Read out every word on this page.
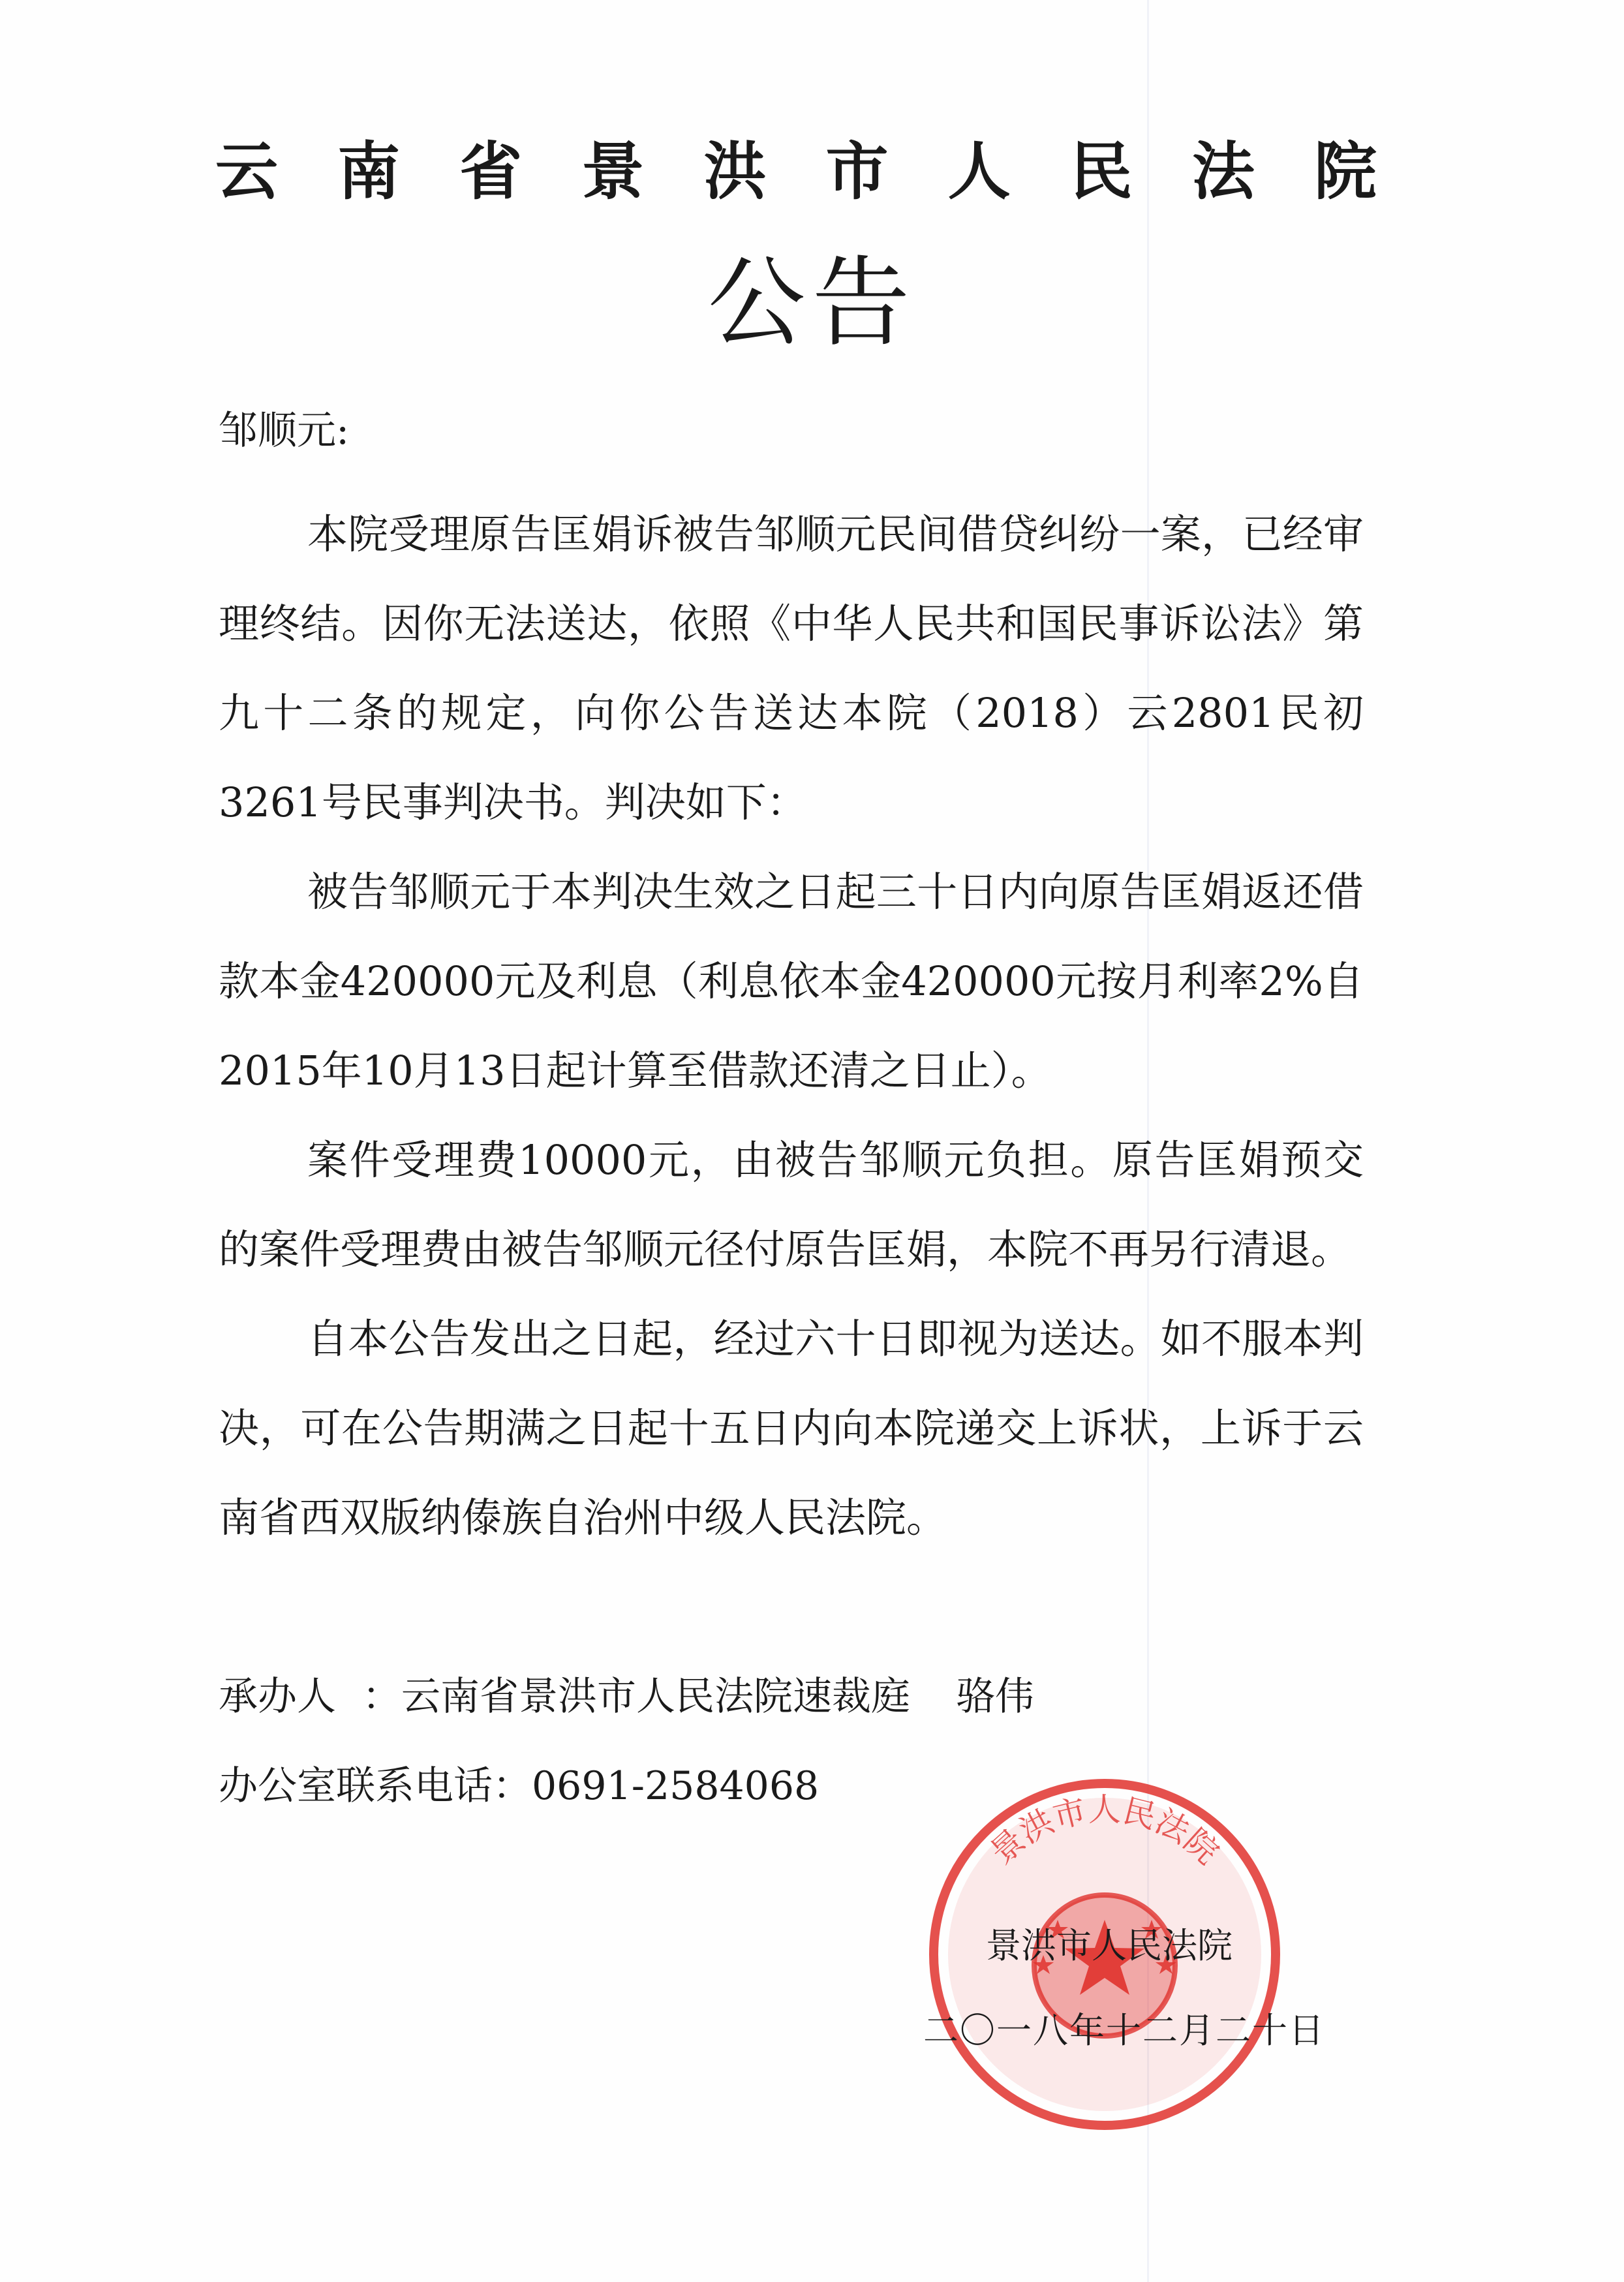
云 南 省 景 洪 市 人 民 法 院
公告
邹顺元:

本院受理原告匡娟诉被告邹顺元民间借贷纠纷一案，已经审理终结。因你无法送达，依照《中华人民共和国民事诉讼法》第九十二条的规定，向你公告送达本院（2018）云2801民初3261号民事判决书。判决如下：

被告邹顺元于本判决生效之日起三十日内向原告匡娟返还借款本金420000元及利息（利息依本金420000元按月利率2%自2015年10月13日起计算至借款还清之日止）。

案件受理费10000元，由被告邹顺元负担。原告匡娟预交的案件受理费由被告邹顺元径付原告匡娟，本院不再另行清退。

自本公告发出之日起，经过六十日即视为送达。如不服本判决，可在公告期满之日起十五日内向本院递交上诉状，上诉于云南省西双版纳傣族自治州中级人民法院。

承办人 ：云南省景洪市人民法院速裁庭 骆伟
办公室联系电话：0691-2584068
景洪市人民法院
景洪市人民法院
二〇一八年十二月二十日
